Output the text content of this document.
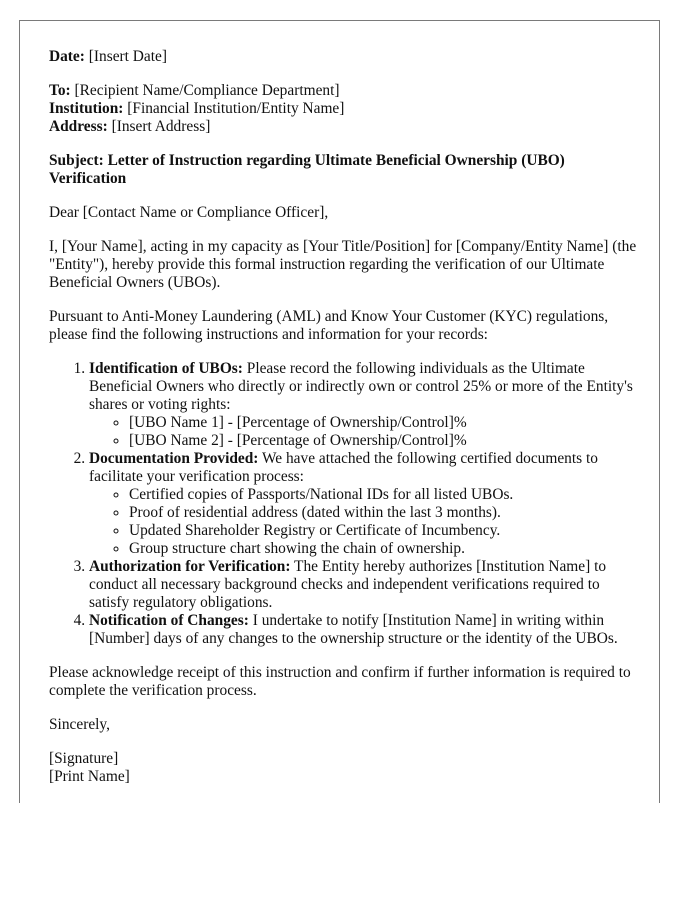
Date: [Insert Date]

To: [Recipient Name/Compliance Department]
Institution: [Financial Institution/Entity Name]
Address: [Insert Address]

Subject: Letter of Instruction regarding Ultimate Beneficial Ownership (UBO) Verification

Dear [Contact Name or Compliance Officer],

I, [Your Name], acting in my capacity as [Your Title/Position] for [Company/Entity Name] (the "Entity"), hereby provide this formal instruction regarding the verification of our Ultimate Beneficial Owners (UBOs).

Pursuant to Anti-Money Laundering (AML) and Know Your Customer (KYC) regulations, please find the following instructions and information for your records:

1. Identification of UBOs: Please record the following individuals as the Ultimate Beneficial Owners who directly or indirectly own or control 25% or more of the Entity's shares or voting rights:
◦ [UBO Name 1] - [Percentage of Ownership/Control]%
◦ [UBO Name 2] - [Percentage of Ownership/Control]%
2. Documentation Provided: We have attached the following certified documents to facilitate your verification process:
◦ Certified copies of Passports/National IDs for all listed UBOs.
◦ Proof of residential address (dated within the last 3 months).
◦ Updated Shareholder Registry or Certificate of Incumbency.
◦ Group structure chart showing the chain of ownership.
3. Authorization for Verification: The Entity hereby authorizes [Institution Name] to conduct all necessary background checks and independent verifications required to satisfy regulatory obligations.
4. Notification of Changes: I undertake to notify [Institution Name] in writing within [Number] days of any changes to the ownership structure or the identity of the UBOs.

Please acknowledge receipt of this instruction and confirm if further information is required to complete the verification process.

Sincerely,

[Signature]
[Print Name]
